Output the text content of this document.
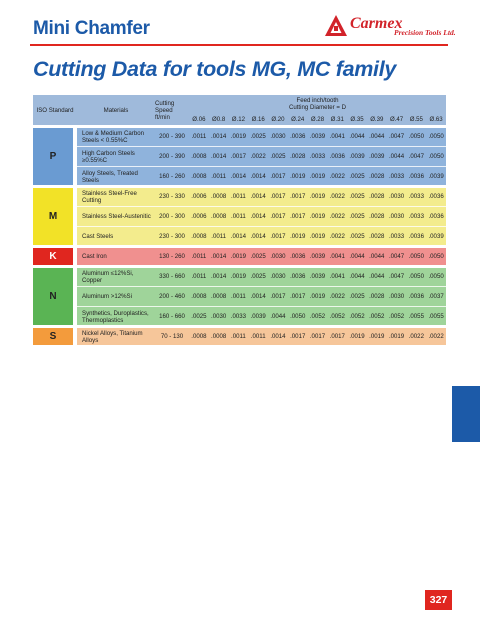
Mini Chamfer	Carmex
Precision Tools Ltd.
Cutting Data for tools MG, MC family
ISO Standard	Materials
Cutting Speed ft/min
Feed inch/tooth
Cutting Diameter = D
Ø.06	Ø0.8	Ø.12	Ø.16	Ø.20	Ø.24	Ø.28	Ø.31	Ø.35	Ø.39	Ø.47	Ø.55	Ø.63
P
Low & Medium Carbon Steels < 0.55%C	200 - 390	.0011 .0014 .0019 .0025 .0030 .0036 .0039 .0041 .0044 .0044 .0047 .0050 .0050
High Carbon Steels ≥0.55%C	200 - 390	.0008 .0014 .0017 .0022 .0025 .0028 .0033 .0036 .0039 .0039 .0044 .0047 .0050
Alloy Steels, Treated Steels	160 - 260	.0008 .0011 .0014 .0014 .0017 .0019 .0019 .0022 .0025 .0028 .0033 .0036 .0039
M
Stainless Steel-Free Cutting	230 - 330	.0006 .0008 .0011 .0014 .0017 .0017 .0019 .0022 .0025 .0028 .0030 .0033 .0036
Stainless Steel-Austenitic	200 - 300	.0006 .0008 .0011 .0014 .0017 .0017 .0019 .0022 .0025 .0028 .0030 .0033 .0036
Cast Steels	230 - 300	.0008 .0011 .0014 .0014 .0017 .0019 .0019 .0022 .0025 .0028 .0033 .0036 .0039
K	Cast Iron	130 - 260	.0011 .0014 .0019 .0025 .0030 .0036 .0039 .0041 .0044 .0044 .0047 .0050 .0050
N
Aluminum ≤12%Si, Copper	330 - 660	.0011 .0014 .0019 .0025 .0030 .0036 .0039 .0041 .0044 .0044 .0047 .0050 .0050
Aluminum >12%Si	200 - 460	.0008 .0008 .0011 .0014 .0017 .0017 .0019 .0022 .0025 .0028 .0030 .0036 .0037
Synthetics, Duroplastics, Thermoplastics	160 - 660	.0025 .0030 .0033 .0039 .0044 .0050 .0052 .0052 .0052 .0052 .0052 .0055 .0055
S	Nickel Alloys, Titanium Alloys	70 - 130	.0008 .0008 .0011 .0011 .0014 .0017 .0017 .0017 .0019 .0019 .0019 .0022 .0022
327
